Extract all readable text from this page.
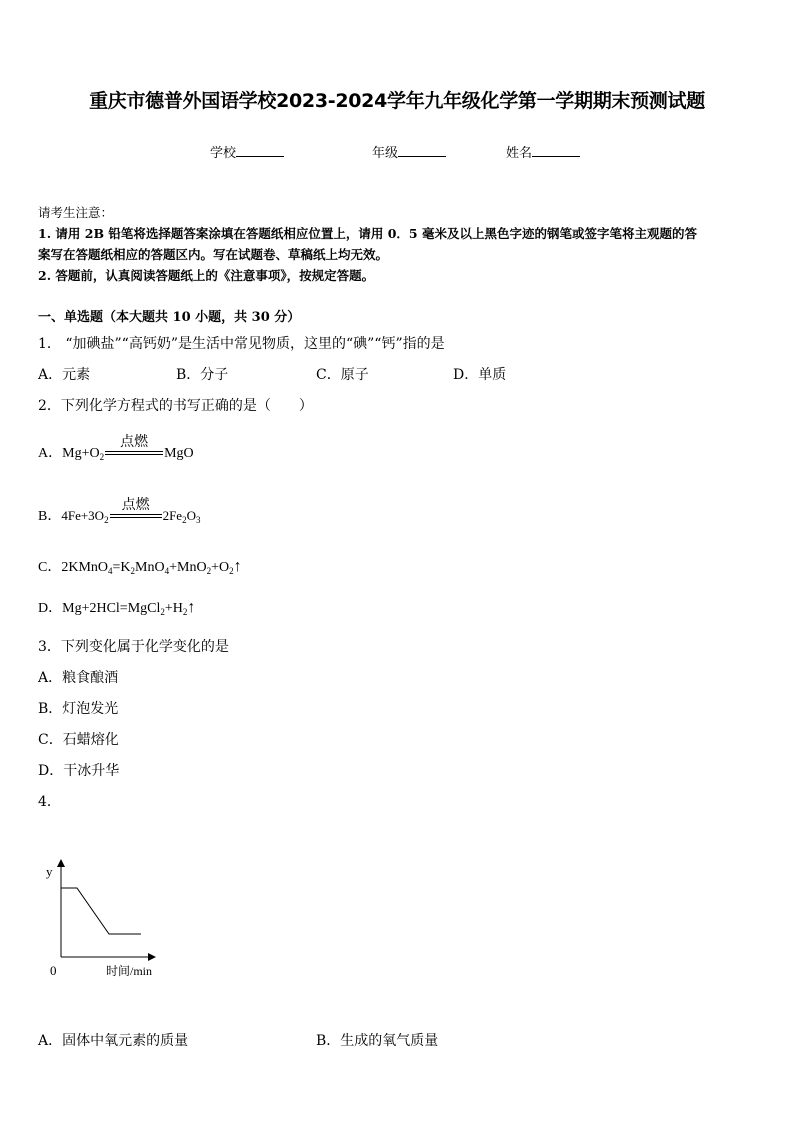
重庆市德普外国语学校2023-2024学年九年级化学第一学期期末预测试题
学校	年级	姓名
请考生注意：
1. 请用 2B 铅笔将选择题答案涂填在答题纸相应位置上，请用 0．5 毫米及以上黑色字迹的钢笔或签字笔将主观题的答
案写在答题纸相应的答题区内。写在试题卷、草稿纸上均无效。
2. 答题前，认真阅读答题纸上的《注意事项》，按规定答题。
一、单选题（本大题共 10 小题，共 30 分）
1． “加碘盐”“高钙奶”是生活中常见物质，这里的“碘”“钙”指的是
A．元素	B．分子	C．原子	D．单质
2．下列化学方程式的书写正确的是（　　）
A．$Mg+O_2$
点燃
MgO
B．$4Fe+3O_2$
点燃
$2Fe_2O_3$
C．$2KMnO_4=K_2MnO_4+MnO_2+O_2↑$
D．$Mg+2HCl=MgCl_2+H_2↑$
3．下列变化属于化学变化的是
A．粮食酿酒
B．灯泡发光
C．石蜡熔化
D．干冰升华
4．
y
0	时间/min
A．固体中氧元素的质量	B．生成的氧气质量
